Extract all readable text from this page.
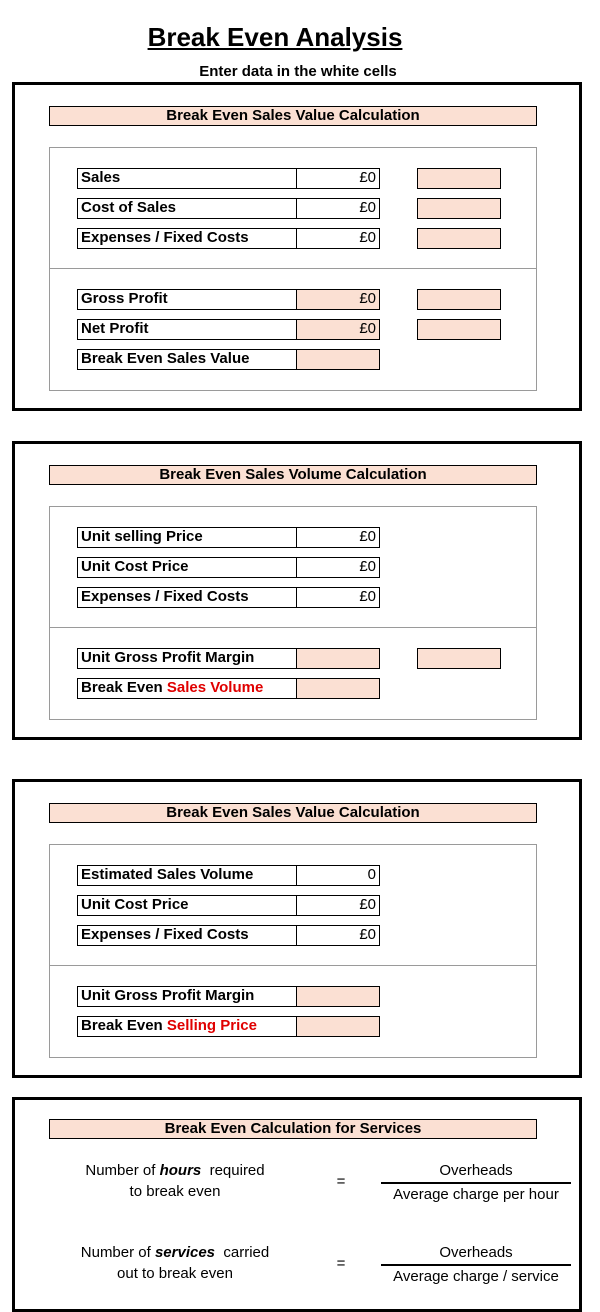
Break Even Analysis
Enter data in the white cells
Break Even Sales Value Calculation
Sales	£0
Cost of Sales	£0
Expenses / Fixed Costs	£0
Gross Profit	£0
Net Profit	£0
Break Even Sales Value
Break Even Sales Volume Calculation
Unit selling Price	£0
Unit Cost Price	£0
Expenses / Fixed Costs	£0
Unit Gross Profit Margin
Break Even Sales Volume
Break Even Sales Value Calculation
Estimated Sales Volume	0
Unit Cost Price	£0
Expenses / Fixed Costs	£0
Unit Gross Profit Margin
Break Even Selling Price
Break Even Calculation for Services
Number of hours  required
to break even
=
Overheads
Average charge per hour
Number of services  carried
out to break even
=
Overheads
Average charge / service
